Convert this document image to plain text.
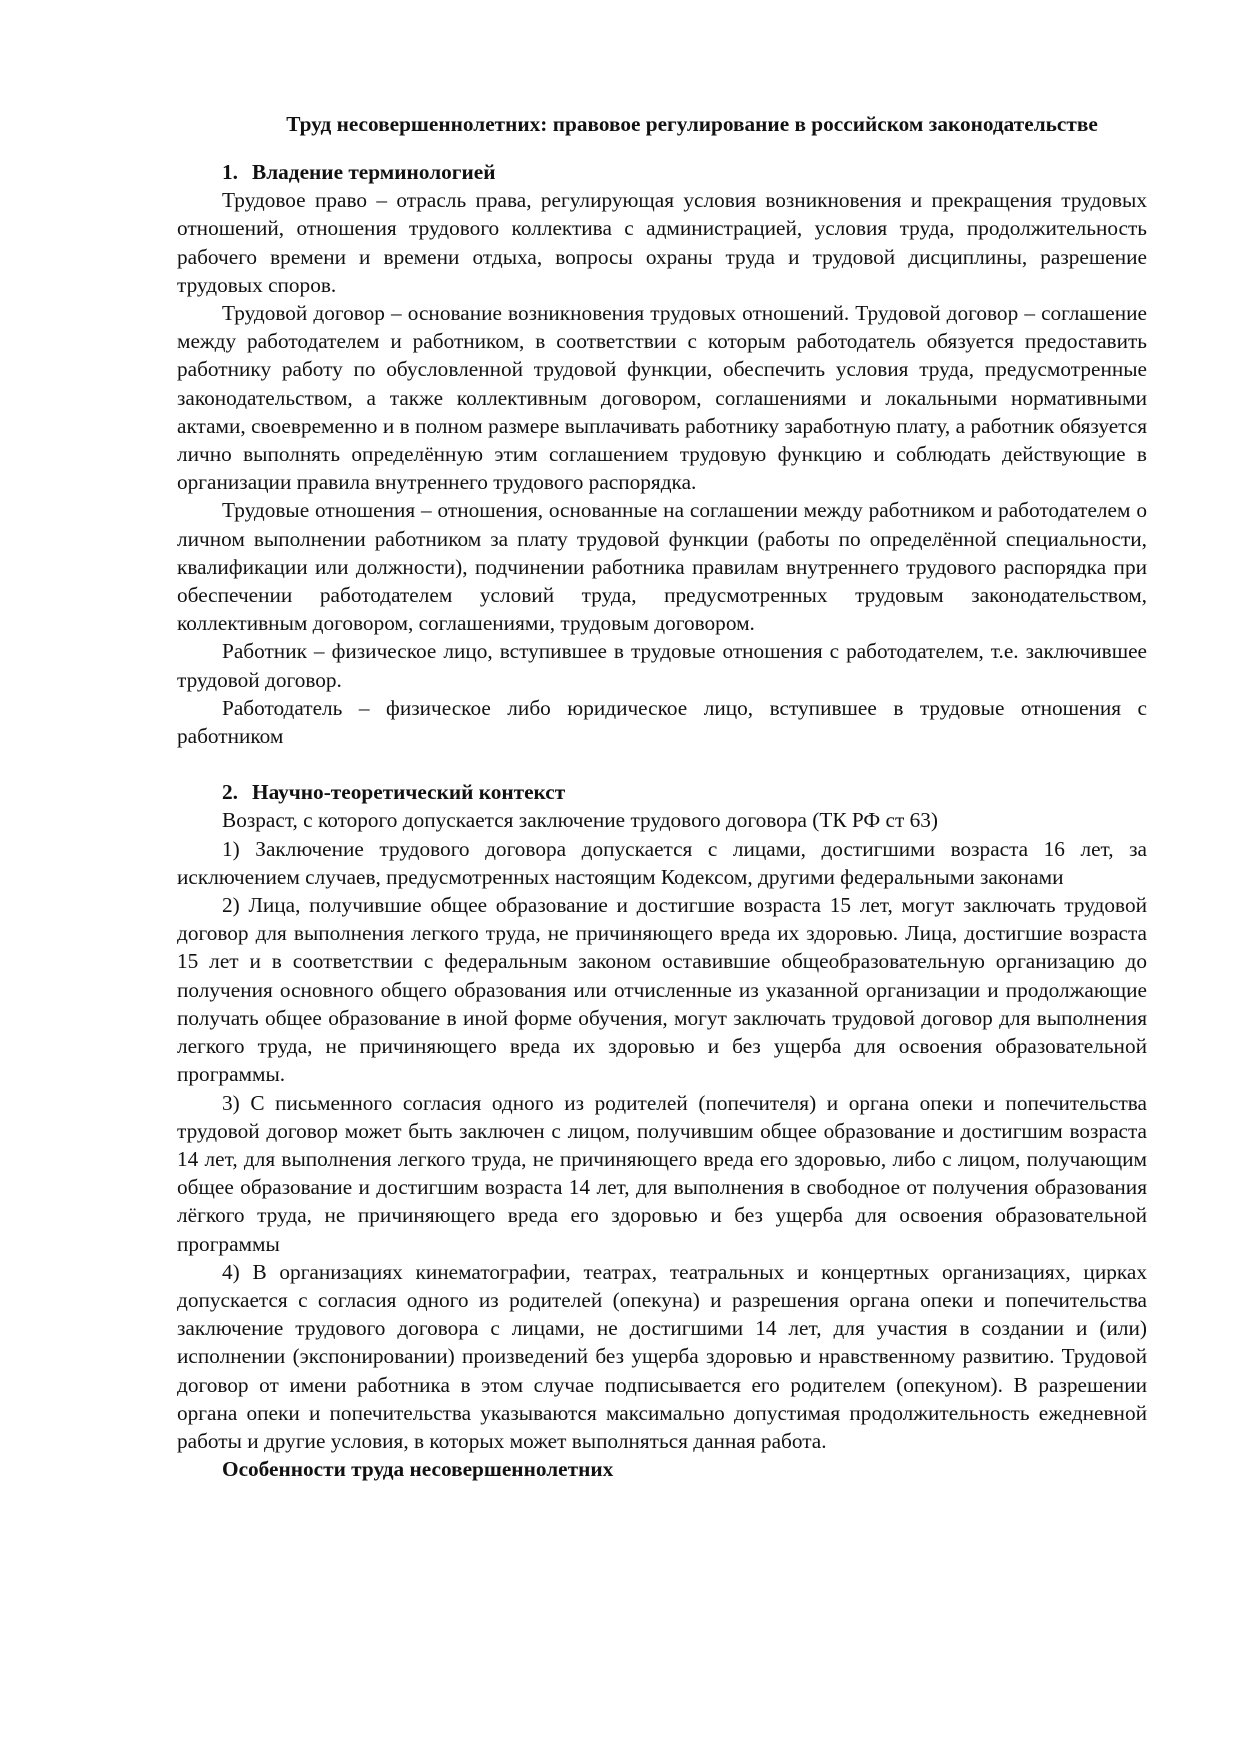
Труд несовершеннолетних: правовое регулирование в российском законодательстве
1. Владение терминологией

Трудовое право – отрасль права, регулирующая условия возникновения и прекращения трудовых отношений, отношения трудового коллектива с администрацией, условия труда, продолжительность рабочего времени и времени отдыха, вопросы охраны труда и трудовой дисциплины, разрешение трудовых споров.

Трудовой договор – основание возникновения трудовых отношений. Трудовой договор – соглашение между работодателем и работником, в соответствии с которым работодатель обязуется предоставить работнику работу по обусловленной трудовой функции, обеспечить условия труда, предусмотренные законодательством, а также коллективным договором, соглашениями и локальными нормативными актами, своевременно и в полном размере выплачивать работнику заработную плату, а работник обязуется лично выполнять определённую этим соглашением трудовую функцию и соблюдать действующие в организации правила внутреннего трудового распорядка.

Трудовые отношения – отношения, основанные на соглашении между работником и работодателем о личном выполнении работником за плату трудовой функции (работы по определённой специальности, квалификации или должности), подчинении работника правилам внутреннего трудового распорядка при обеспечении работодателем условий труда, предусмотренных трудовым законодательством, коллективным договором, соглашениями, трудовым договором.

Работник – физическое лицо, вступившее в трудовые отношения с работодателем, т.е. заключившее трудовой договор.

Работодатель – физическое либо юридическое лицо, вступившее в трудовые отношения с работником

2. Научно-теоретический контекст

Возраст, с которого допускается заключение трудового договора (ТК РФ ст 63)

1) Заключение трудового договора допускается с лицами, достигшими возраста 16 лет, за исключением случаев, предусмотренных настоящим Кодексом, другими федеральными законами

2) Лица, получившие общее образование и достигшие возраста 15 лет, могут заключать трудовой договор для выполнения легкого труда, не причиняющего вреда их здоровью. Лица, достигшие возраста 15 лет и в соответствии с федеральным законом оставившие общеобразовательную организацию до получения основного общего образования или отчисленные из указанной организации и продолжающие получать общее образование в иной форме обучения, могут заключать трудовой договор для выполнения легкого труда, не причиняющего вреда их здоровью и без ущерба для освоения образовательной программы.

3) С письменного согласия одного из родителей (попечителя) и органа опеки и попечительства трудовой договор может быть заключен с лицом, получившим общее образование и достигшим возраста 14 лет, для выполнения легкого труда, не причиняющего вреда его здоровью, либо с лицом, получающим общее образование и достигшим возраста 14 лет, для выполнения в свободное от получения образования лёгкого труда, не причиняющего вреда его здоровью и без ущерба для освоения образовательной программы

4) В организациях кинематографии, театрах, театральных и концертных организациях, цирках допускается с согласия одного из родителей (опекуна) и разрешения органа опеки и попечительства заключение трудового договора с лицами, не достигшими 14 лет, для участия в создании и (или) исполнении (экспонировании) произведений без ущерба здоровью и нравственному развитию. Трудовой договор от имени работника в этом случае подписывается его родителем (опекуном). В разрешении органа опеки и попечительства указываются максимально допустимая продолжительность ежедневной работы и другие условия, в которых может выполняться данная работа.

Особенности труда несовершеннолетних
